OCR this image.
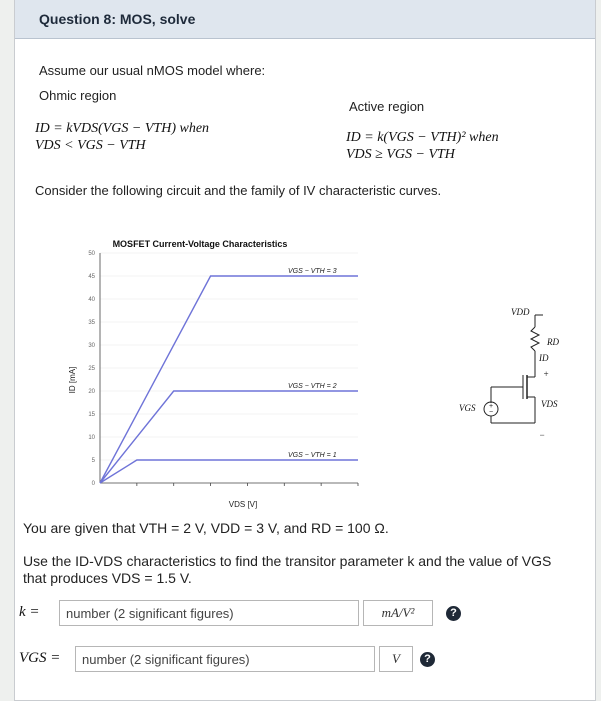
Question 8: MOS, solve
Assume our usual nMOS model where:
Ohmic region
ID = kVDS(VGS − VTH) when
VDS < VGS − VTH
Active region
ID = k(VGS − VTH)² when
VDS ≥ VGS − VTH
Consider the following circuit and the family of IV characteristic curves.
MOSFET Current-Voltage Characteristics
0
5
10
15
20
25
30
35
40
45
50
VGS − VTH = 3
VGS − VTH = 2
VGS − VTH = 1
VDS [V]
ID [mA]
VDD
RD
ID
+
+
−
VGS	VDS
−
You are given that VTH = 2 V, VDD = 3 V, and RD = 100 Ω.
Use the ID-VDS characteristics to find the transitor parameter k and the value of VGS
that produces VDS = 1.5 V.
k =	number (2 significant figures)	mA/V²	?
VGS =	number (2 significant figures)	V	?
